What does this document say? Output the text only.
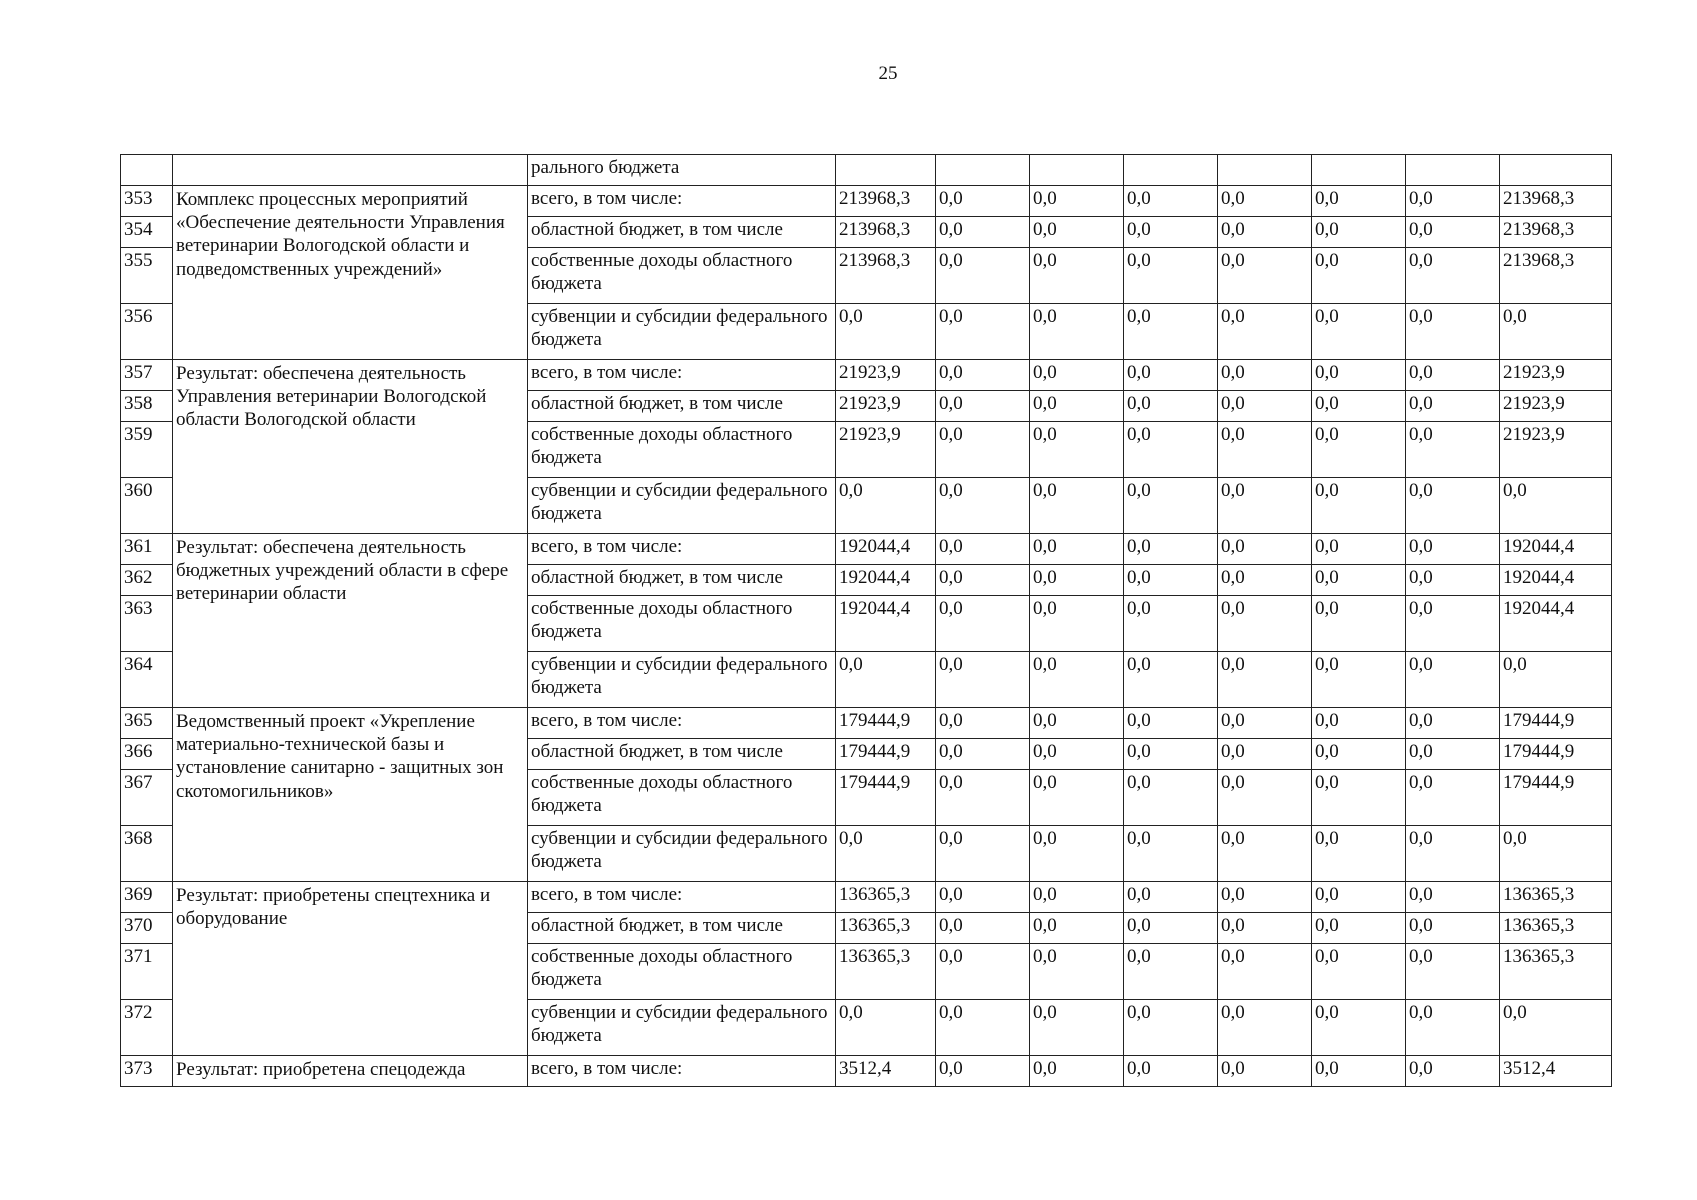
25
		рального бюджета								
353	Комплекс процессных мероприятий «Обеспечение деятельности Управления ветеринарии Вологодской области и подведомственных учреждений»	всего, в том числе:	213968,3	0,0	0,0	0,0	0,0	0,0	0,0	213968,3
354		областной бюджет, в том числе	213968,3	0,0	0,0	0,0	0,0	0,0	0,0	213968,3
355		собственные доходы областного бюджета	213968,3	0,0	0,0	0,0	0,0	0,0	0,0	213968,3
356		субвенции и субсидии федерального бюджета	0,0	0,0	0,0	0,0	0,0	0,0	0,0	0,0
357	Результат: обеспечена деятельность Управления ветеринарии Вологодской области Вологодской области	всего, в том числе:	21923,9	0,0	0,0	0,0	0,0	0,0	0,0	21923,9
358		областной бюджет, в том числе	21923,9	0,0	0,0	0,0	0,0	0,0	0,0	21923,9
359		собственные доходы областного бюджета	21923,9	0,0	0,0	0,0	0,0	0,0	0,0	21923,9
360		субвенции и субсидии федерального бюджета	0,0	0,0	0,0	0,0	0,0	0,0	0,0	0,0
361	Результат: обеспечена деятельность бюджетных учреждений области в сфере ветеринарии области	всего, в том числе:	192044,4	0,0	0,0	0,0	0,0	0,0	0,0	192044,4
362		областной бюджет, в том числе	192044,4	0,0	0,0	0,0	0,0	0,0	0,0	192044,4
363		собственные доходы областного бюджета	192044,4	0,0	0,0	0,0	0,0	0,0	0,0	192044,4
364		субвенции и субсидии федерального бюджета	0,0	0,0	0,0	0,0	0,0	0,0	0,0	0,0
365	Ведомственный проект «Укрепление материально-технической базы и установление санитарно - защитных зон скотомогильников»	всего, в том числе:	179444,9	0,0	0,0	0,0	0,0	0,0	0,0	179444,9
366		областной бюджет, в том числе	179444,9	0,0	0,0	0,0	0,0	0,0	0,0	179444,9
367		собственные доходы областного бюджета	179444,9	0,0	0,0	0,0	0,0	0,0	0,0	179444,9
368		субвенции и субсидии федерального бюджета	0,0	0,0	0,0	0,0	0,0	0,0	0,0	0,0
369	Результат: приобретены спецтехника и оборудование	всего, в том числе:	136365,3	0,0	0,0	0,0	0,0	0,0	0,0	136365,3
370		областной бюджет, в том числе	136365,3	0,0	0,0	0,0	0,0	0,0	0,0	136365,3
371		собственные доходы областного бюджета	136365,3	0,0	0,0	0,0	0,0	0,0	0,0	136365,3
372		субвенции и субсидии федерального бюджета	0,0	0,0	0,0	0,0	0,0	0,0	0,0	0,0
373	Результат: приобретена спецодежда	всего, в том числе:	3512,4	0,0	0,0	0,0	0,0	0,0	0,0	3512,4
